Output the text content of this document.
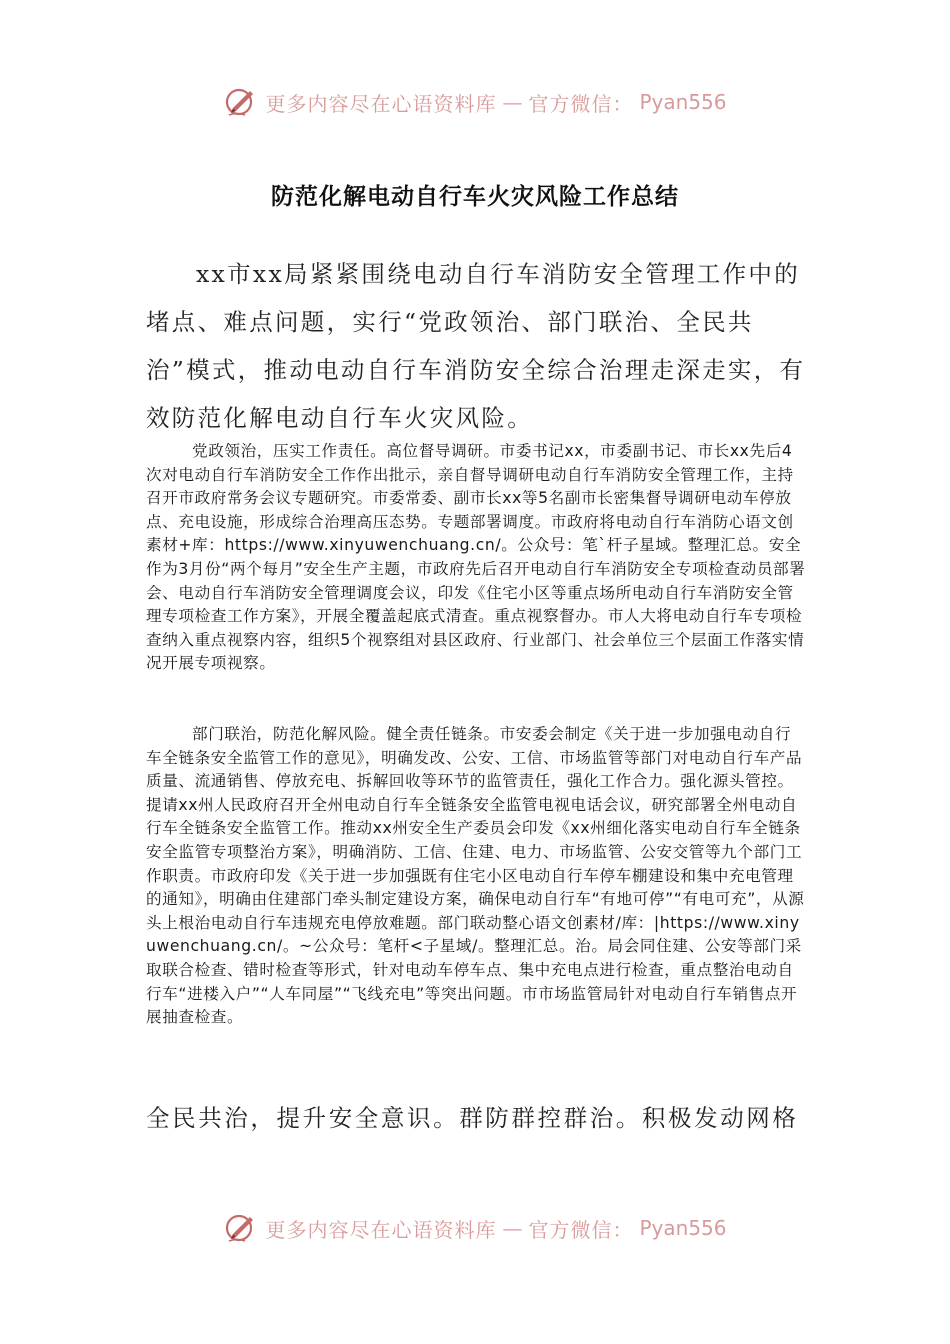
更多内容尽在心语资料库 — 官方微信： Pyan556
防范化解电动自行车火灾风险工作总结

xx市xx局紧紧围绕电动自行车消防安全管理工作中的堵点、难点问题，实行“党政领治、部门联治、全民共治”模式，推动电动自行车消防安全综合治理走深走实，有效防范化解电动自行车火灾风险。

党政领治，压实工作责任。高位督导调研。市委书记xx，市委副书记、市长xx先后4次对电动自行车消防安全工作作出批示，亲自督导调研电动自行车消防安全管理工作，主持召开市政府常务会议专题研究。市委常委、副市长xx等5名副市长密集督导调研电动车停放点、充电设施，形成综合治理高压态势。专题部署调度。市政府将电动自行车消防心语文创素材+库：https://www.xinyuwenchuang.cn/。公众号：笔`杆子星域。整理汇总。安全作为3月份“两个每月”安全生产主题，市政府先后召开电动自行车消防安全专项检查动员部署会、电动自行车消防安全管理调度会议，印发《住宅小区等重点场所电动自行车消防安全管理专项检查工作方案》，开展全覆盖起底式清查。重点视察督办。市人大将电动自行车专项检查纳入重点视察内容，组织5个视察组对县区政府、行业部门、社会单位三个层面工作落实情况开展专项视察。

部门联治，防范化解风险。健全责任链条。市安委会制定《关于进一步加强电动自行车全链条安全监管工作的意见》，明确发改、公安、工信、市场监管等部门对电动自行车产品质量、流通销售、停放充电、拆解回收等环节的监管责任，强化工作合力。强化源头管控。提请xx州人民政府召开全州电动自行车全链条安全监管电视电话会议，研究部署全州电动自行车全链条安全监管工作。推动xx州安全生产委员会印发《xx州细化落实电动自行车全链条安全监管专项整治方案》，明确消防、工信、住建、电力、市场监管、公安交管等九个部门工作职责。市政府印发《关于进一步加强既有住宅小区电动自行车停车棚建设和集中充电管理的通知》，明确由住建部门牵头制定建设方案，确保电动自行车“有地可停”“有电可充”，从源头上根治电动自行车违规充电停放难题。部门联动整心语文创素材/库：|https://www.xinyuwenchuang.cn/。~公众号：笔杆<子星域/。整理汇总。治。局会同住建、公安等部门采取联合检查、错时检查等形式，针对电动车停车点、集中充电点进行检查，重点整治电动自行车“进楼入户”“人车同屋”“飞线充电”等突出问题。市市场监管局针对电动自行车销售点开展抽查检查。

全民共治，提升安全意识。群防群控群治。积极发动网格

更多内容尽在心语资料库 — 官方微信： Pyan556
